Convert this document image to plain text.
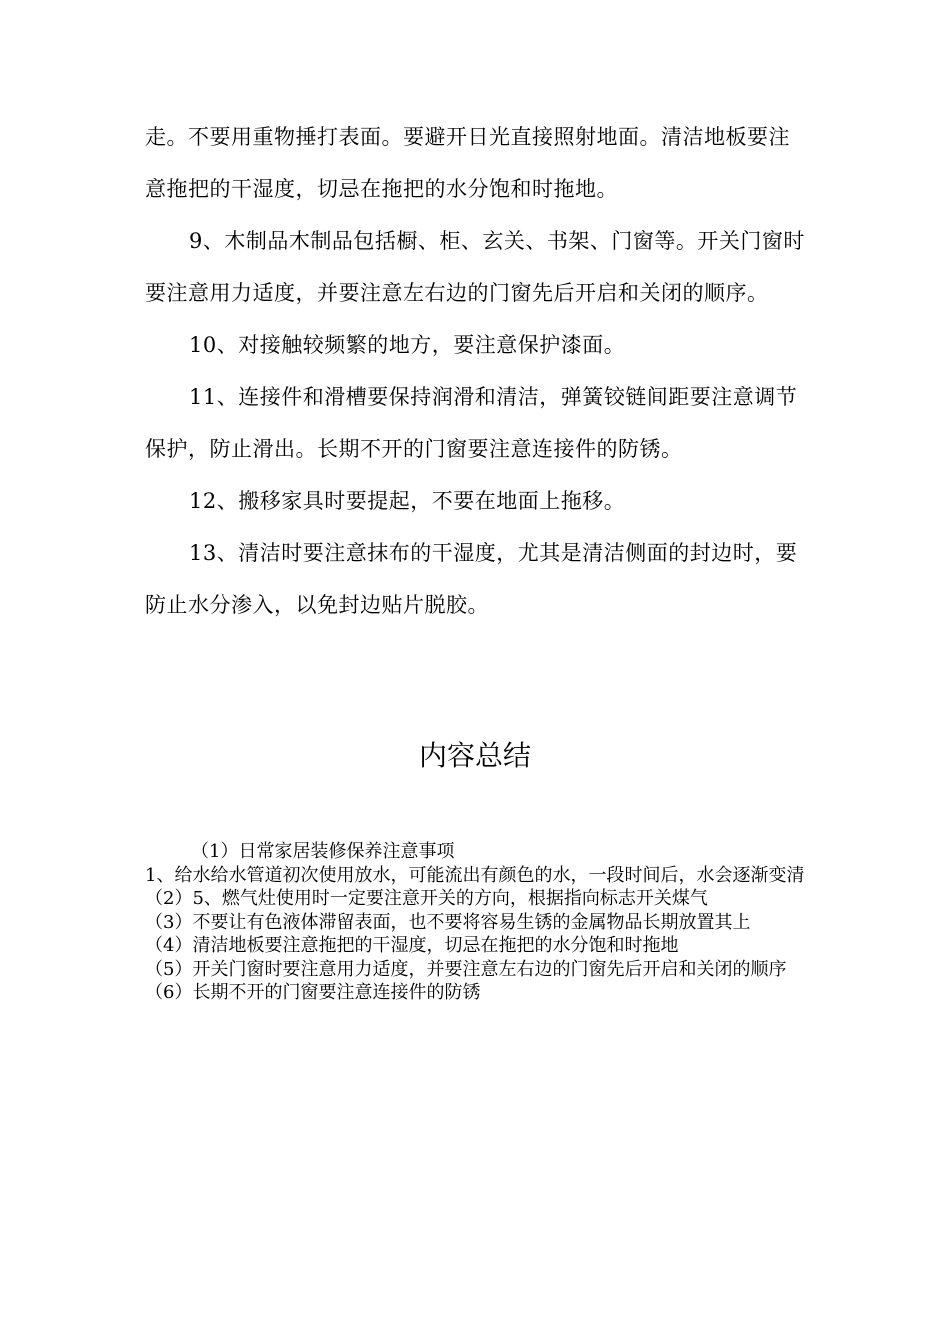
走。不要用重物捶打表面。要避开日光直接照射地面。清洁地板要注意拖把的干湿度，切忌在拖把的水分饱和时拖地。

9、木制品木制品包括橱、柜、玄关、书架、门窗等。开关门窗时要注意用力适度，并要注意左右边的门窗先后开启和关闭的顺序。

10、对接触较频繁的地方，要注意保护漆面。

11、连接件和滑槽要保持润滑和清洁，弹簧铰链间距要注意调节保护，防止滑出。长期不开的门窗要注意连接件的防锈。

12、搬移家具时要提起，不要在地面上拖移。

13、清洁时要注意抹布的干湿度，尤其是清洁侧面的封边时，要防止水分渗入，以免封边贴片脱胶。

内容总结

（1）日常家居装修保养注意事项

1、给水给水管道初次使用放水，可能流出有颜色的水，一段时间后，水会逐渐变清

（2）5、燃气灶使用时一定要注意开关的方向，根据指向标志开关煤气

（3）不要让有色液体滞留表面，也不要将容易生锈的金属物品长期放置其上

（4）清洁地板要注意拖把的干湿度，切忌在拖把的水分饱和时拖地

（5）开关门窗时要注意用力适度，并要注意左右边的门窗先后开启和关闭的顺序

（6）长期不开的门窗要注意连接件的防锈
